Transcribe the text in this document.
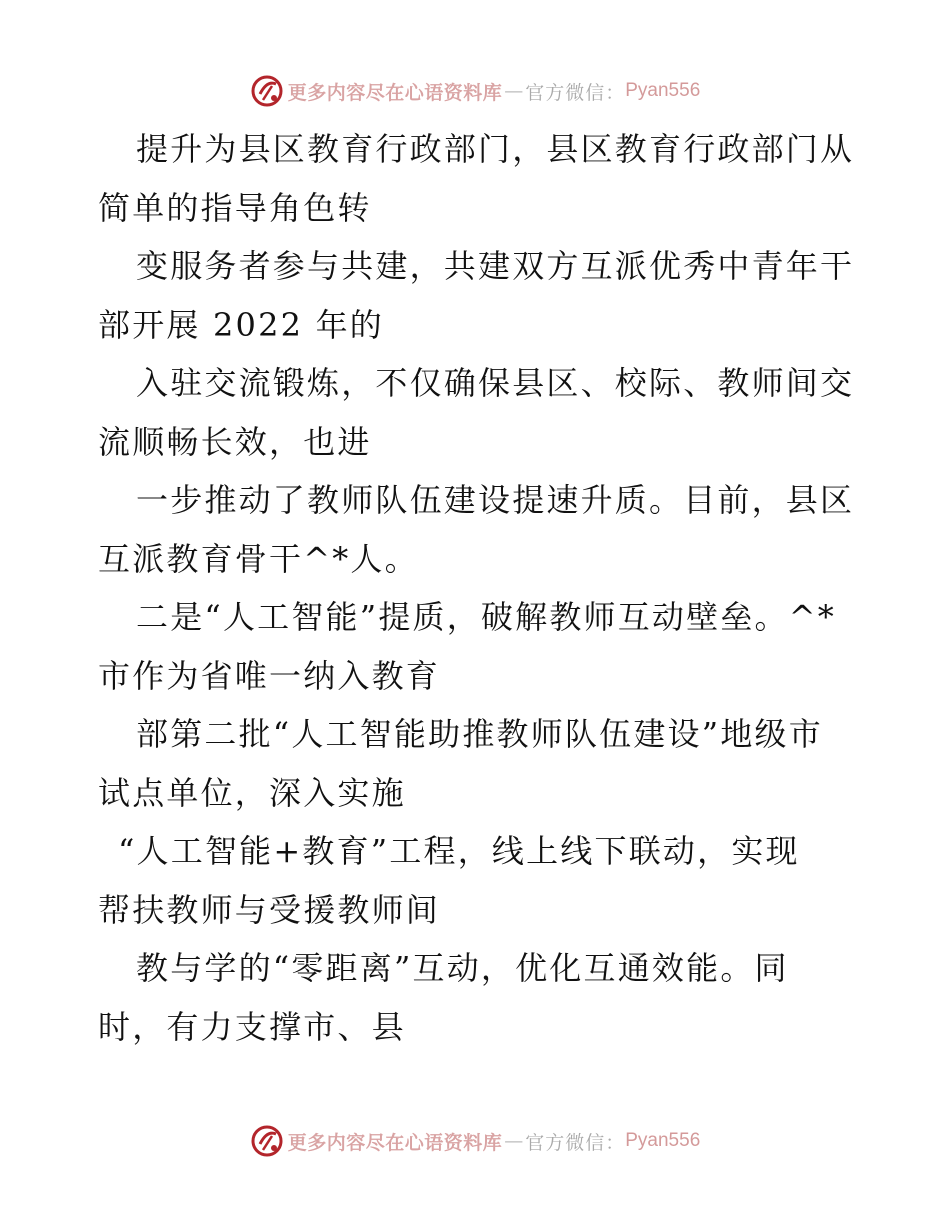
更多内容尽在心语资料库 — 官方微信： Pyan556
提升为县区教育行政部门，县区教育行政部门从
简单的指导角色转
变服务者参与共建，共建双方互派优秀中青年干
部开展 2022 年的
入驻交流锻炼，不仅确保县区、校际、教师间交
流顺畅长效，也进
一步推动了教师队伍建设提速升质。目前，县区
互派教育骨干^*人。
二是“人工智能”提质，破解教师互动壁垒。^*
市作为省唯一纳入教育
部第二批“人工智能助推教师队伍建设”地级市
试点单位，深入实施
“人工智能+教育”工程，线上线下联动，实现
帮扶教师与受援教师间
教与学的“零距离”互动，优化互通效能。同
时，有力支撑市、县
更多内容尽在心语资料库 — 官方微信： Pyan556
